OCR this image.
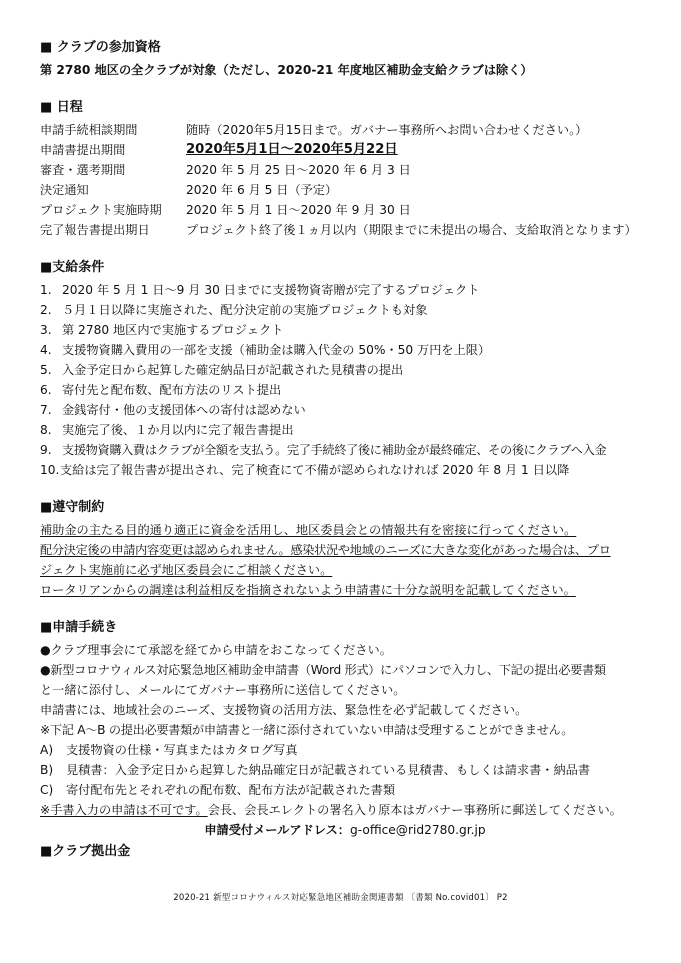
■ クラブの参加資格
第 2780 地区の全クラブが対象（ただし、2020-21 年度地区補助金支給クラブは除く）
■ 日程
申請手続相談期間	随時（2020年5月15日まで。ガバナー事務所へお問い合わせください。）
申請書提出期間	2020年5月1日〜2020年5月22日
審査・選考期間	2020 年 5 月 25 日〜2020 年 6 月 3 日
決定通知	2020 年 6 月 5 日（予定）
プロジェクト実施時期	2020 年 5 月 1 日〜2020 年 9 月 30 日
完了報告書提出期日	プロジェクト終了後１ヵ月以内（期限までに未提出の場合、支給取消となります）
■支給条件
1. 2020 年 5 月 1 日〜9 月 30 日までに支援物資寄贈が完了するプロジェクト
2. ５月１日以降に実施された、配分決定前の実施プロジェクトも対象
3. 第 2780 地区内で実施するプロジェクト
4. 支援物資購入費用の一部を支援（補助金は購入代金の 50%・50 万円を上限）
5. 入金予定日から起算した確定納品日が記載された見積書の提出
6. 寄付先と配布数、配布方法のリスト提出
7. 金銭寄付・他の支援団体への寄付は認めない
8. 実施完了後、１か月以内に完了報告書提出
9. 支援物資購入費はクラブが全額を支払う。完了手続終了後に補助金が最終確定、その後にクラブへ入金
10. 支給は完了報告書が提出され、完了検査にて不備が認められなければ 2020 年 8 月 1 日以降
■遵守制約
補助金の主たる目的通り適正に資金を活用し、地区委員会との情報共有を密接に行ってください。
配分決定後の申請内容変更は認められません。感染状況や地域のニーズに大きな変化があった場合は、プロ
ジェクト実施前に必ず地区委員会にご相談ください。
ロータリアンからの調達は利益相反を指摘されないよう申請書に十分な説明を記載してください。
■申請手続き
●クラブ理事会にて承認を経てから申請をおこなってください。
●新型コロナウィルス対応緊急地区補助金申請書（Word 形式）にパソコンで入力し、下記の提出必要書類
と一緒に添付し、メールにてガバナー事務所に送信してください。
申請書には、地域社会のニーズ、支援物資の活用方法、緊急性を必ず記載してください。
※下記 A〜B の提出必要書類が申請書と一緒に添付されていない申請は受理することができません。
A)	支援物資の仕様・写真またはカタログ写真
B)	見積書：入金予定日から起算した納品確定日が記載されている見積書、もしくは請求書・納品書
C)	寄付配布先とそれぞれの配布数、配布方法が記載された書類
※手書入力の申請は不可です。会長、会長エレクトの署名入り原本はガバナー事務所に郵送してください。
申請受付メールアドレス：g-office@rid2780.gr.jp
■クラブ拠出金
2020-21 新型コロナウィルス対応緊急地区補助金関連書類 〔書類 No.covid01〕 P2
